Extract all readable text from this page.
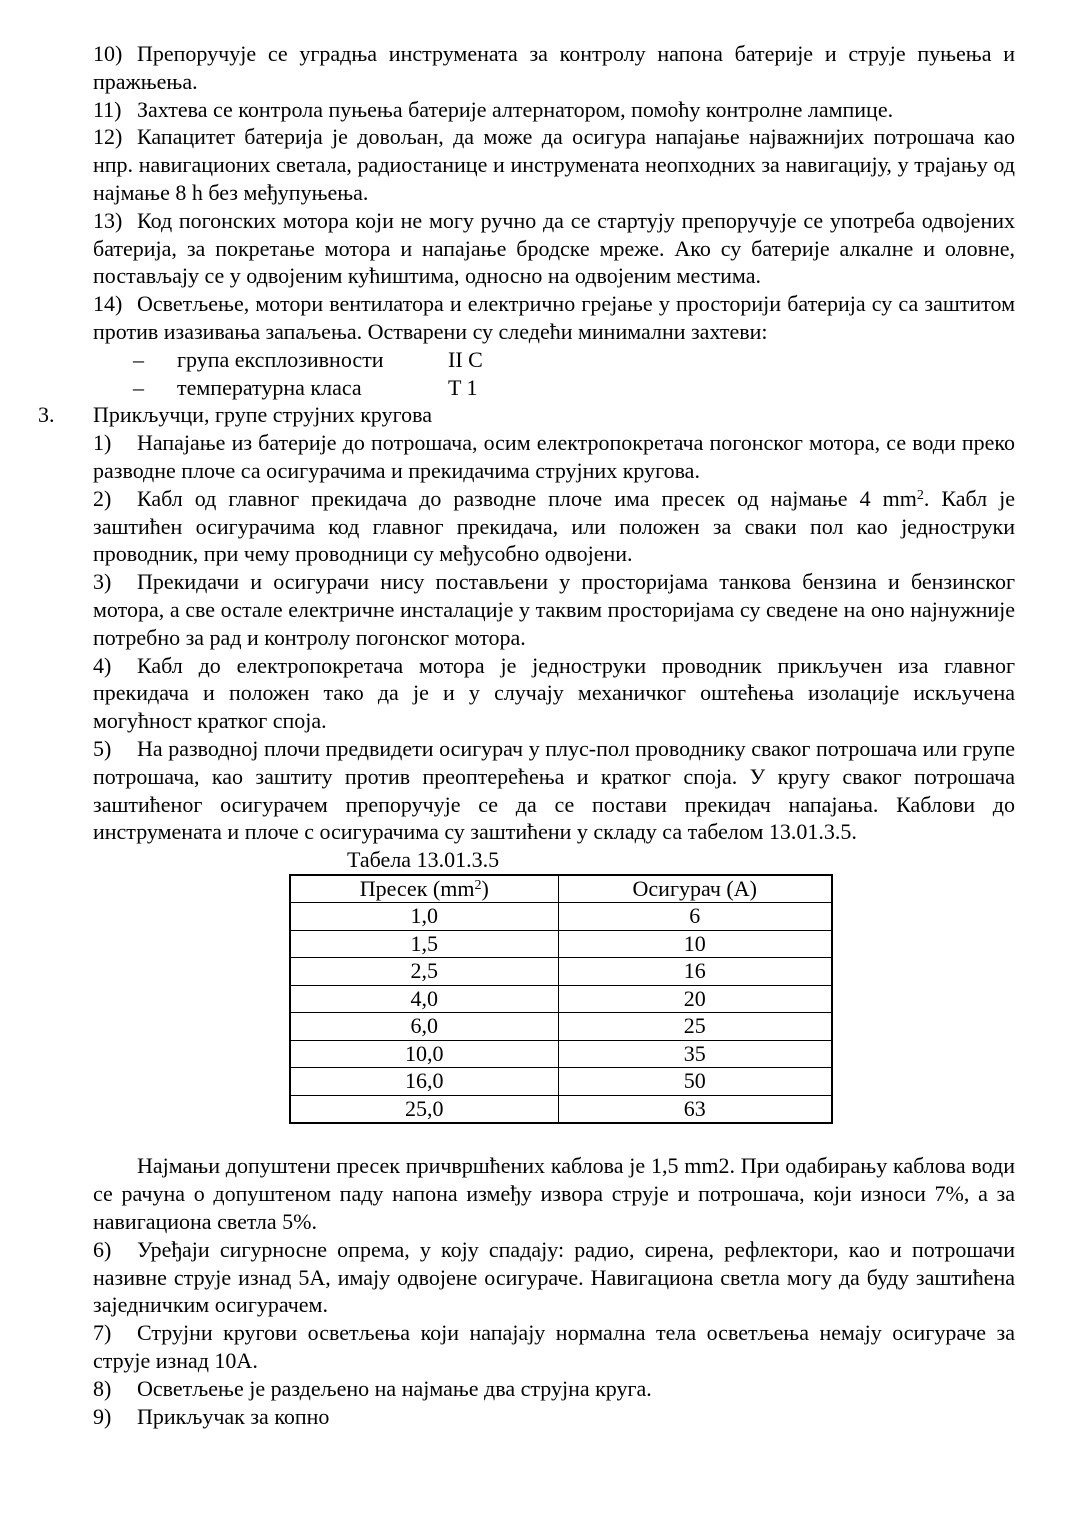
10) Препоручује се уградња инструмената за контролу напона батерије и струје пуњења и пражњења.

11) Захтева се контрола пуњења батерије алтернатором, помоћу контролне лампице.

12) Капацитет батерија је довољан, да може да осигура напајање најважнијих потрошача као нпр. навигационих светала, радиостанице и инструмената неопходних за навигацију, у трајању од најмање 8 h без међупуњења.

13) Код погонских мотора који не могу ручно да се стартују препоручује се употреба одвојених батерија, за покретање мотора и напајање бродске мреже. Ако су батерије алкалне и оловне, постављају се у одвојеним кућиштима, односно на одвојеним местима.

14) Осветљење, мотори вентилатора и електрично грејање у просторији батерија су са заштитом против изазивања запаљења. Остварени су следећи минимални захтеви:

– група експлозивности	II C

– температурна класа	T 1

3. Прикључци, групе струјних кругова

1) Напајање из батерије до потрошача, осим електропокретача погонског мотора, се води преко разводне плоче са осигурачима и прекидачима струјних кругова.

2) Кабл од главног прекидача до разводне плоче има пресек од најмање 4 $mm^2$. Кабл је заштићен осигурачима код главног прекидача, или положен за сваки пол као једноструки проводник, при чему проводници су међусобно одвојени.

3) Прекидачи и осигурачи нису постављени у просторијама танкова бензина и бензинског мотора, а све остале електричне инсталације у таквим просторијама су сведене на оно најнужније потребно за рад и контролу погонског мотора.

4) Кабл до електропокретача мотора је једноструки проводник прикључен иза главног прекидача и положен тако да је и у случају механичког оштећења изолације искључена могућност кратког споја.

5) На разводној плочи предвидети осигурач у плус-пол проводнику сваког потрошача или групе потрошача, као заштиту против преоптерећења и кратког споја. У кругу сваког потрошача заштићеног осигурачем препоручује се да се постави прекидач напајања. Каблови до инструмената и плоче с осигурачима су заштићени у складу са табелом 13.01.3.5.

Табела 13.01.3.5

Пресек $(mm^2)$	Осигурач (А)
1,0	6
1,5	10
2,5	16
4,0	20
6,0	25
10,0	35
16,0	50
25,0	63

Најмањи допуштени пресек причвршћених каблова је 1,5 mm2. При одабирању каблова води се рачуна о допуштеном паду напона између извора струје и потрошача, који износи 7%, а за навигациона светла 5%.

6) Уређаји сигурносне опрема, у коју спадају: радио, сирена, рефлектори, као и потрошачи називне струје изнад 5А, имају одвојене осигураче. Навигациона светла могу да буду заштићена заједничким осигурачем.

7) Струјни кругови осветљења који напајају нормална тела осветљења немају осигураче за струје изнад 10А.

8) Осветљење је раздељено на најмање два струјна круга.

9) Прикључак за копно
